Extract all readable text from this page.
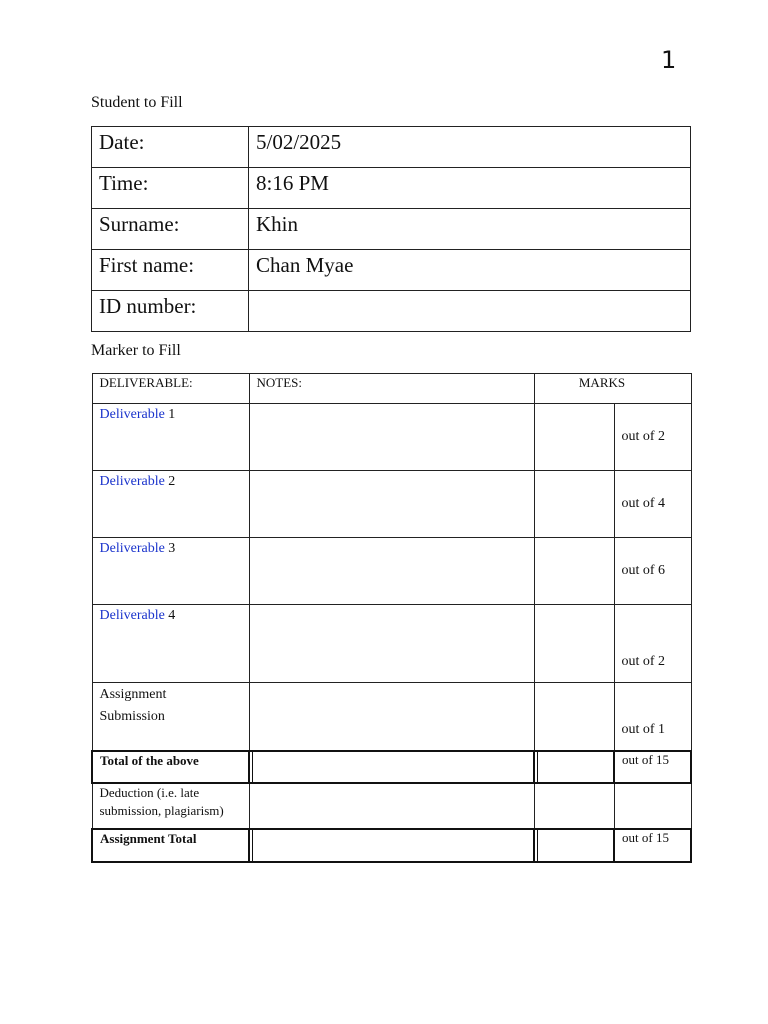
1
Student to Fill
Date:	5/02/2025
Time:	8:16 PM
Surname:	Khin
First name:	Chan Myae
ID number:	
Marker to Fill
DELIVERABLE:	NOTES:	MARKS	
Deliverable 1			out of 2
Deliverable 2			out of 4
Deliverable 3			out of 6
Deliverable 4			out of 2

Assignment
Submission			out of 1
Total of the above			out of 15

Deduction (i.e. late
submission, plagiarism)			

Assignment Total			out of 15
